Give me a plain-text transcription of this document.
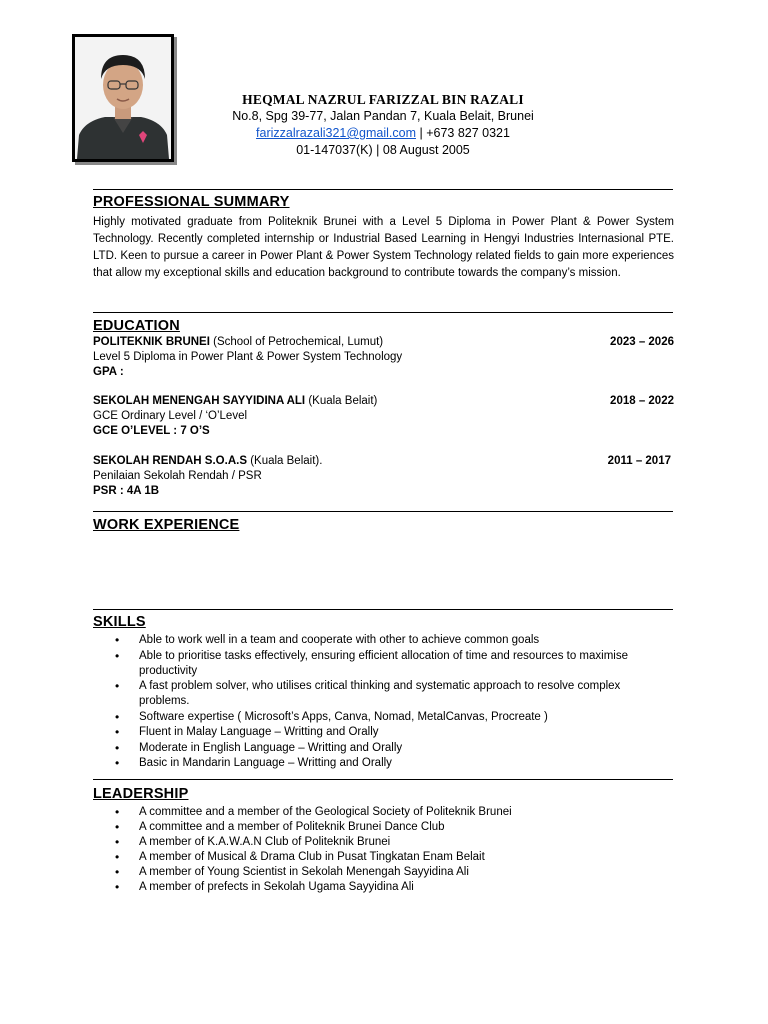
HEQMAL NAZRUL FARIZZAL BIN RAZALI
No.8, Spg 39-77, Jalan Pandan 7, Kuala Belait, Brunei
farizzalrazali321@gmail.com | +673 827 0321
01-147037(K) | 08 August 2005
PROFESSIONAL SUMMARY
Highly motivated graduate from Politeknik Brunei with a Level 5 Diploma in Power Plant & Power System Technology. Recently completed internship or Industrial Based Learning in Hengyi Industries Internasional PTE. LTD. Keen to pursue a career in Power Plant & Power System Technology related fields to gain more experiences that allow my exceptional skills and education background to contribute towards the company’s mission.
EDUCATION
POLITEKNIK BRUNEI (School of Petrochemical, Lumut)	2023 – 2026
Level 5 Diploma in Power Plant & Power System Technology
GPA :
SEKOLAH MENENGAH SAYYIDINA ALI (Kuala Belait)	2018 – 2022
GCE Ordinary Level / ‘O’Level
GCE O’LEVEL : 7 O’S
SEKOLAH RENDAH S.O.A.S (Kuala Belait).	2011 – 2017
Penilaian Sekolah Rendah / PSR
PSR : 4A 1B
WORK EXPERIENCE
SKILLS
• Able to work well in a team and cooperate with other to achieve common goals
• Able to prioritise tasks effectively, ensuring efficient allocation of time and resources to maximise productivity
• A fast problem solver, who utilises critical thinking and systematic approach to resolve complex problems.
• Software expertise ( Microsoft’s Apps, Canva, Nomad, MetalCanvas, Procreate )
• Fluent in Malay Language – Writting and Orally
• Moderate in English Language – Writting and Orally
• Basic in Mandarin Language – Writting and Orally
LEADERSHIP
• A committee and a member of the Geological Society of Politeknik Brunei
• A committee and a member of Politeknik Brunei Dance Club
• A member of K.A.W.A.N Club of Politeknik Brunei
• A member of Musical & Drama Club in Pusat Tingkatan Enam Belait
• A member of Young Scientist in Sekolah Menengah Sayyidina Ali
• A member of prefects in Sekolah Ugama Sayyidina Ali
